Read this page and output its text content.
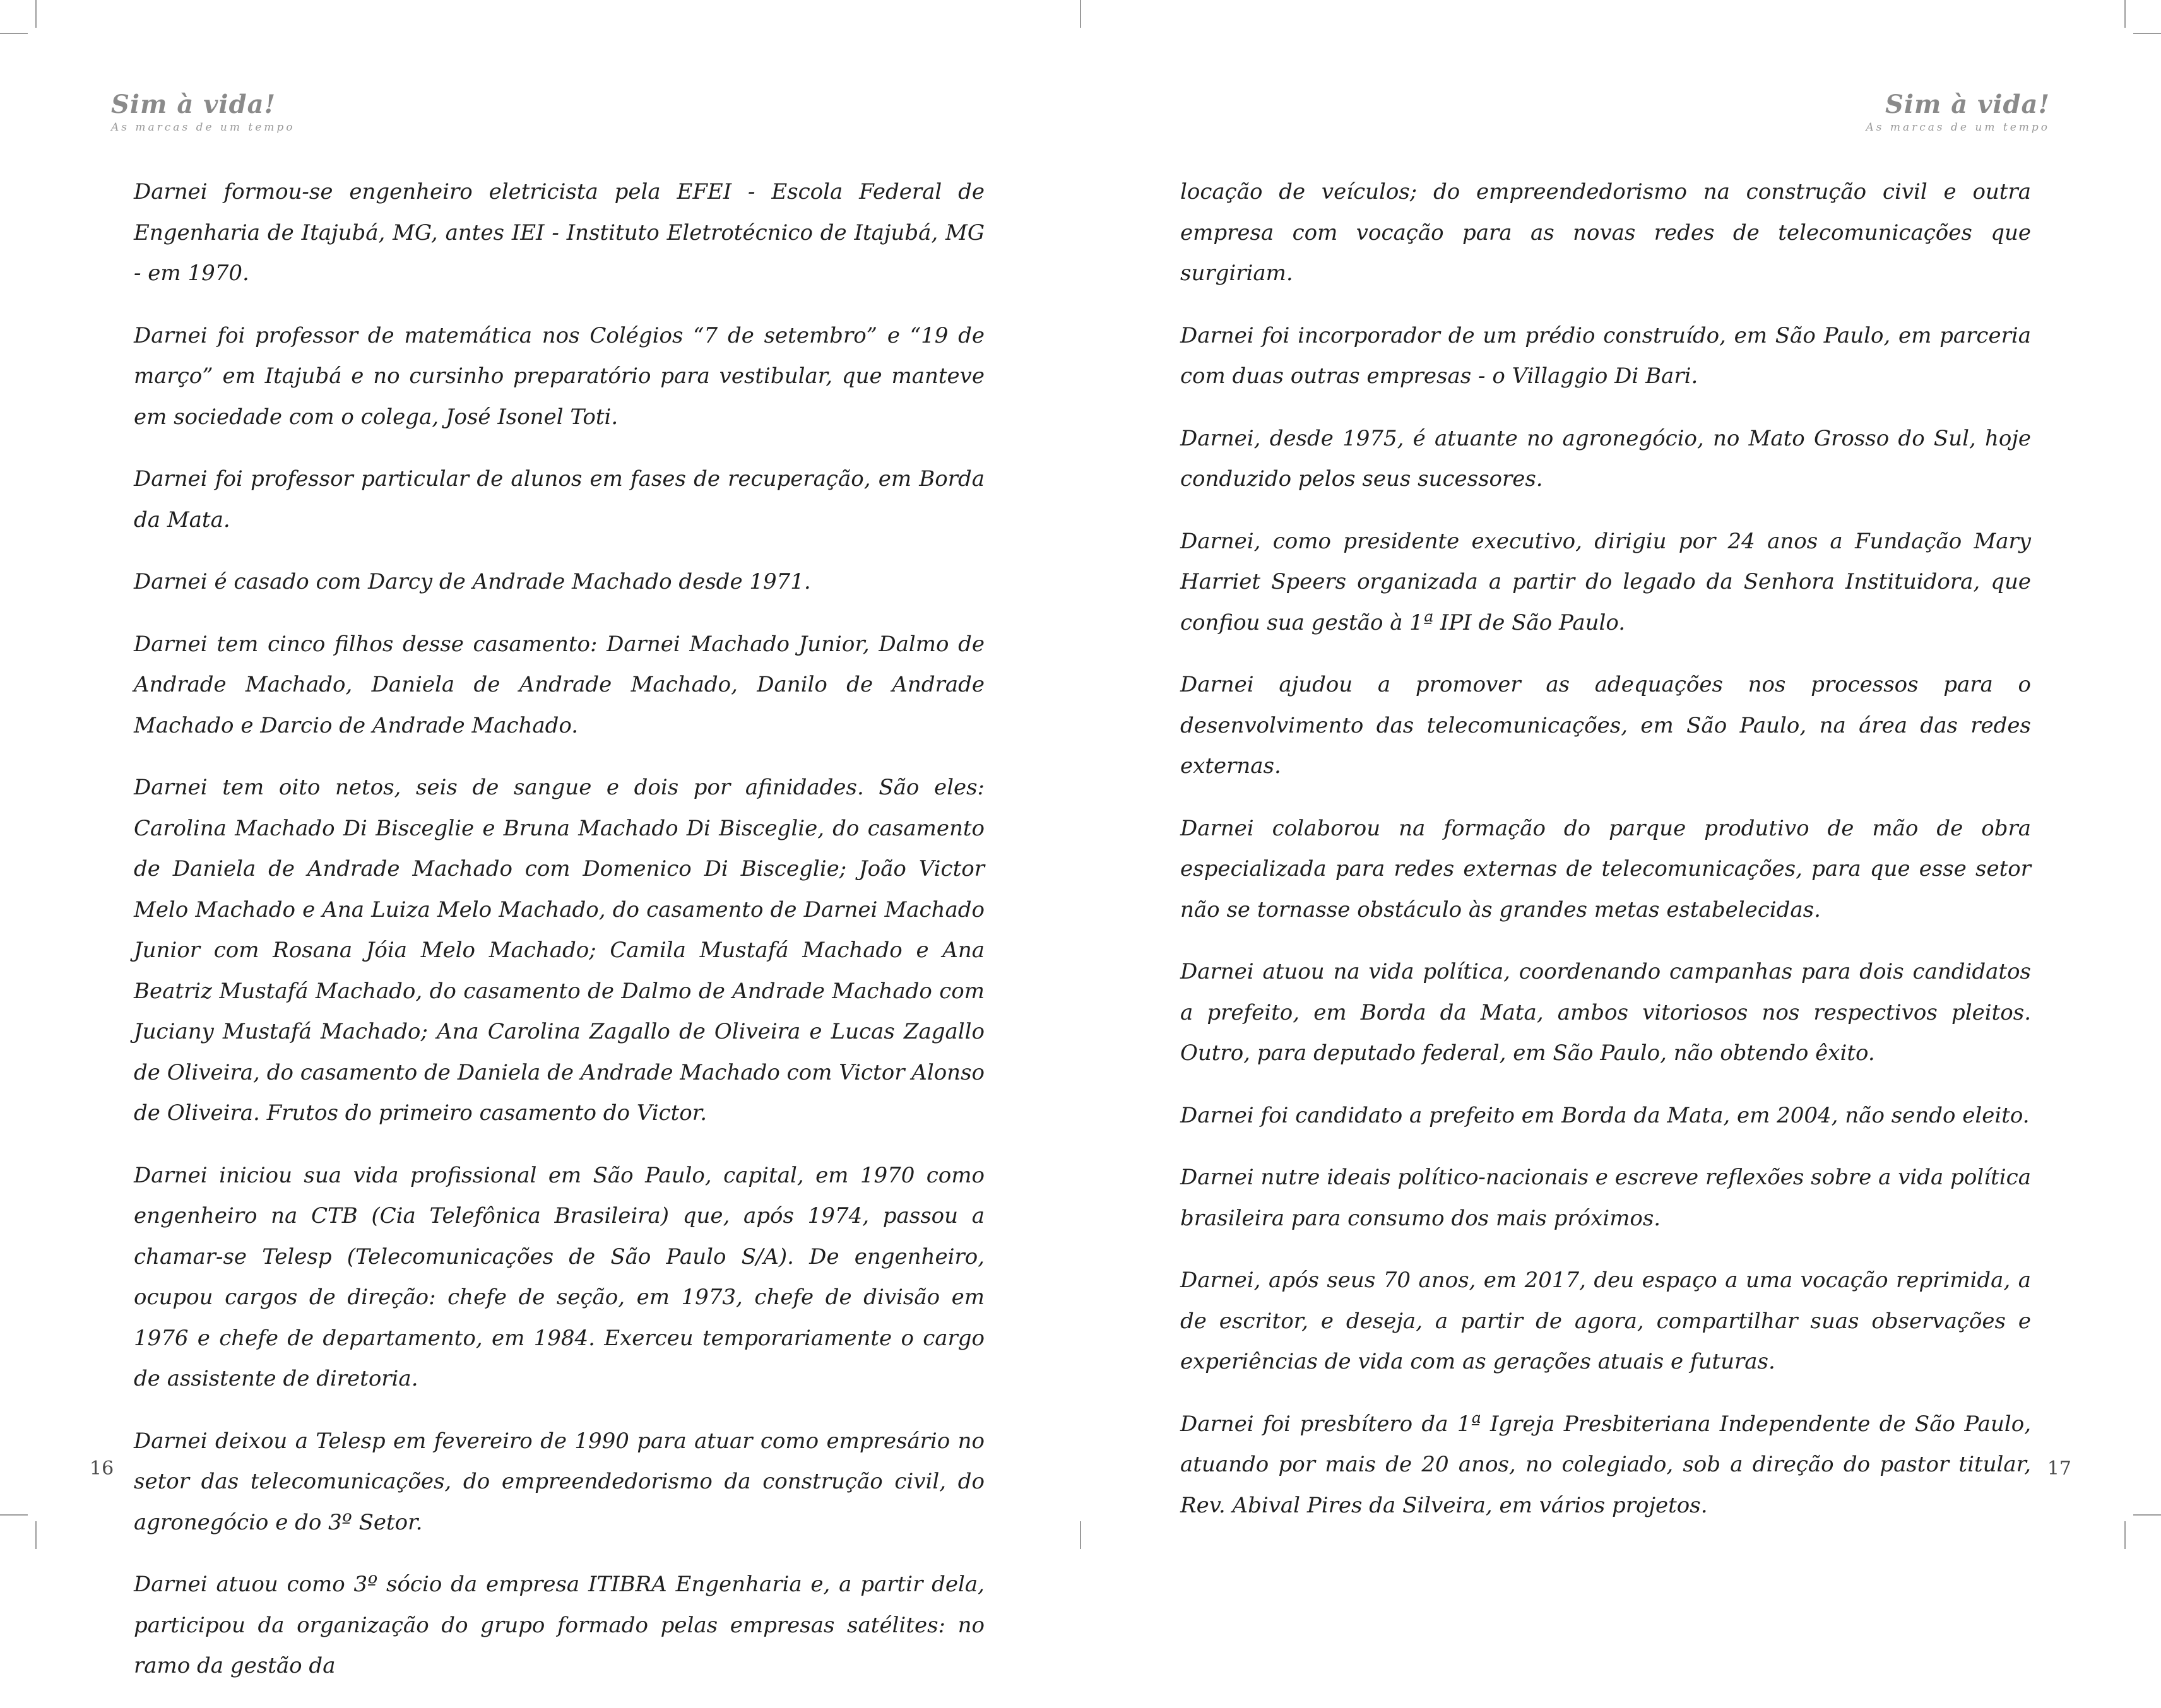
Sim à vida!
As marcas de um tempo

Darnei formou-se engenheiro eletricista pela EFEI - Escola Federal de Engenharia de Itajubá, MG, antes IEI - Instituto Eletrotécnico de Itajubá, MG - em 1970.

Darnei foi professor de matemática nos Colégios “7 de setembro” e “19 de março” em Itajubá e no cursinho preparatório para vestibular, que manteve em sociedade com o colega, José Isonel Toti.

Darnei foi professor particular de alunos em fases de recuperação, em Borda da Mata.

Darnei é casado com Darcy de Andrade Machado desde 1971.

Darnei tem cinco filhos desse casamento: Darnei Machado Junior, Dalmo de Andrade Machado, Daniela de Andrade Machado, Danilo de Andrade Machado e Darcio de Andrade Machado.

Darnei tem oito netos, seis de sangue e dois por afinidades. São eles: Carolina Machado Di Bisceglie e Bruna Machado Di Bisceglie, do casamento de Daniela de Andrade Machado com Domenico Di Bisceglie; João Victor Melo Machado e Ana Luiza Melo Machado, do casamento de Darnei Machado Junior com Rosana Jóia Melo Machado; Camila Mustafá Machado e Ana Beatriz Mustafá Machado, do casamento de Dalmo de Andrade Machado com Juciany Mustafá Machado; Ana Carolina Zagallo de Oliveira e Lucas Zagallo de Oliveira, do casamento de Daniela de Andrade Machado com Victor Alonso de Oliveira. Frutos do primeiro casamento do Victor.

Darnei iniciou sua vida profissional em São Paulo, capital, em 1970 como engenheiro na CTB (Cia Telefônica Brasileira) que, após 1974, passou a chamar-se Telesp (Telecomunicações de São Paulo S/A). De engenheiro, ocupou cargos de direção: chefe de seção, em 1973, chefe de divisão em 1976 e chefe de departamento, em 1984. Exerceu temporariamente o cargo de assistente de diretoria.

Darnei deixou a Telesp em fevereiro de 1990 para atuar como empresário no setor das telecomunicações, do empreendedorismo da construção civil, do agronegócio e do 3º Setor.

Darnei atuou como 3º sócio da empresa ITIBRA Engenharia e, a partir dela, participou da organização do grupo formado pelas empresas satélites: no ramo da gestão da

16
Sim à vida!
As marcas de um tempo

locação de veículos; do empreendedorismo na construção civil e outra empresa com vocação para as novas redes de telecomunicações que surgiriam.

Darnei foi incorporador de um prédio construído, em São Paulo, em parceria com duas outras empresas - o Villaggio Di Bari.

Darnei, desde 1975, é atuante no agronegócio, no Mato Grosso do Sul, hoje conduzido pelos seus sucessores.

Darnei, como presidente executivo, dirigiu por 24 anos a Fundação Mary Harriet Speers organizada a partir do legado da Senhora Instituidora, que confiou sua gestão à 1ª IPI de São Paulo.

Darnei ajudou a promover as adequações nos processos para o desenvolvimento das telecomunicações, em São Paulo, na área das redes externas.

Darnei colaborou na formação do parque produtivo de mão de obra especializada para redes externas de telecomunicações, para que esse setor não se tornasse obstáculo às grandes metas estabelecidas.

Darnei atuou na vida política, coordenando campanhas para dois candidatos a prefeito, em Borda da Mata, ambos vitoriosos nos respectivos pleitos. Outro, para deputado federal, em São Paulo, não obtendo êxito.

Darnei foi candidato a prefeito em Borda da Mata, em 2004, não sendo eleito.

Darnei nutre ideais político-nacionais e escreve reflexões sobre a vida política brasileira para consumo dos mais próximos.

Darnei, após seus 70 anos, em 2017, deu espaço a uma vocação reprimida, a de escritor, e deseja, a partir de agora, compartilhar suas observações e experiências de vida com as gerações atuais e futuras.

Darnei foi presbítero da 1ª Igreja Presbiteriana Independente de São Paulo, atuando por mais de 20 anos, no colegiado, sob a direção do pastor titular, Rev. Abival Pires da Silveira, em vários projetos.

17
